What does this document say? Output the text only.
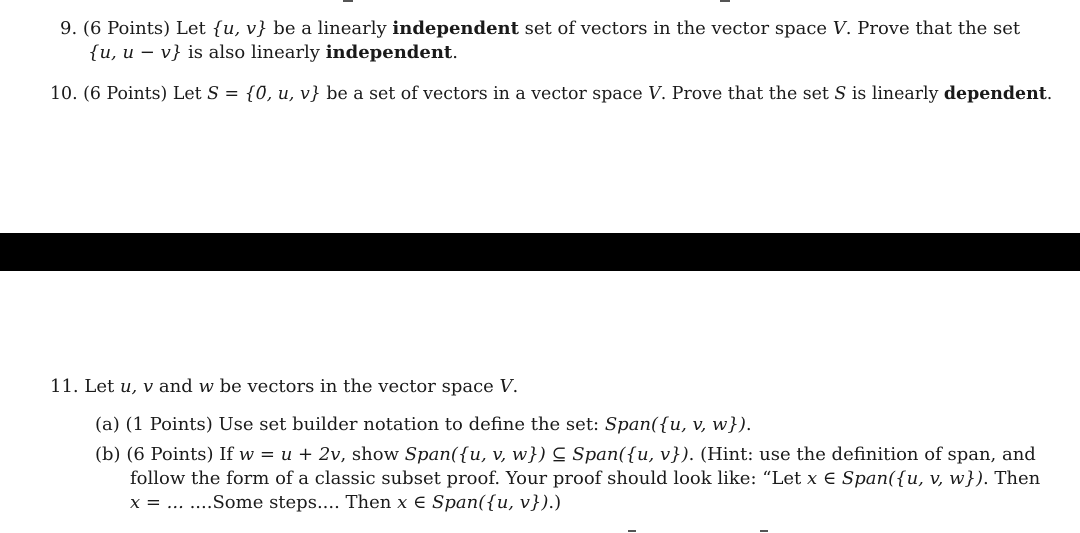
9. (6 Points) Let {u, v} be a linearly independent set of vectors in the vector space V. Prove that the set
{u, u − v} is also linearly independent.
10. (6 Points) Let S = {0̄, u, v} be a set of vectors in a vector space V. Prove that the set S is linearly dependent.
11. Let u, v and w be vectors in the vector space V.
(a) (1 Points) Use set builder notation to define the set: Span({u, v, w}).
(b) (6 Points) If w = u + 2v, show Span({u, v, w}) ⊆ Span({u, v}). (Hint: use the definition of span, and
follow the form of a classic subset proof. Your proof should look like: “Let x ∈ Span({u, v, w}). Then
x = ... ....Some steps.... Then x ∈ Span({u, v}).)
